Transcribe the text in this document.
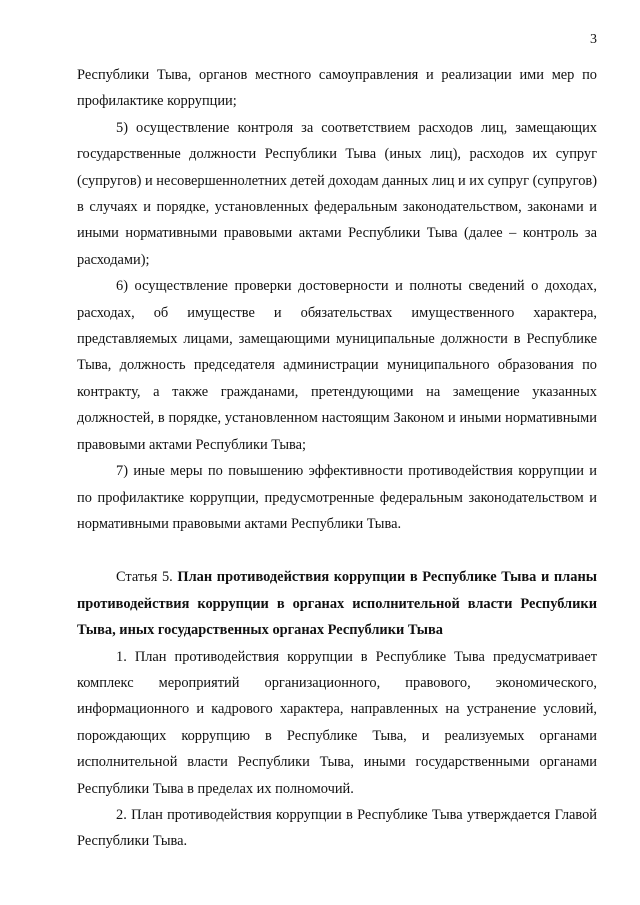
3

Республики Тыва, органов местного самоуправления и реализации ими мер по профилактике коррупции;

5) осуществление контроля за соответствием расходов лиц, замещающих государственные должности Республики Тыва (иных лиц), расходов их супруг (супругов) и несовершеннолетних детей доходам данных лиц и их супруг (супругов) в случаях и порядке, установленных федеральным законодательством, законами и иными нормативными правовыми актами Республики Тыва (далее – контроль за расходами);

6) осуществление проверки достоверности и полноты сведений о доходах, расходах, об имуществе и обязательствах имущественного характера, представляемых лицами, замещающими муниципальные должности в Республике Тыва, должность председателя администрации муниципального образования по контракту, а также гражданами, претендующими на замещение указанных должностей, в порядке, установленном настоящим Законом и иными нормативными правовыми актами Республики Тыва;

7) иные меры по повышению эффективности противодействия коррупции и по профилактике коррупции, предусмотренные федеральным законодательством и нормативными правовыми актами Республики Тыва.

Статья 5. План противодействия коррупции в Республике Тыва и планы противодействия коррупции в органах исполнительной власти Республики Тыва, иных государственных органах Республики Тыва

1. План противодействия коррупции в Республике Тыва предусматривает комплекс мероприятий организационного, правового, экономического, информационного и кадрового характера, направленных на устранение условий, порождающих коррупцию в Республике Тыва, и реализуемых органами исполнительной власти Республики Тыва, иными государственными органами Республики Тыва в пределах их полномочий.

2. План противодействия коррупции в Республике Тыва утверждается Главой Республики Тыва.
